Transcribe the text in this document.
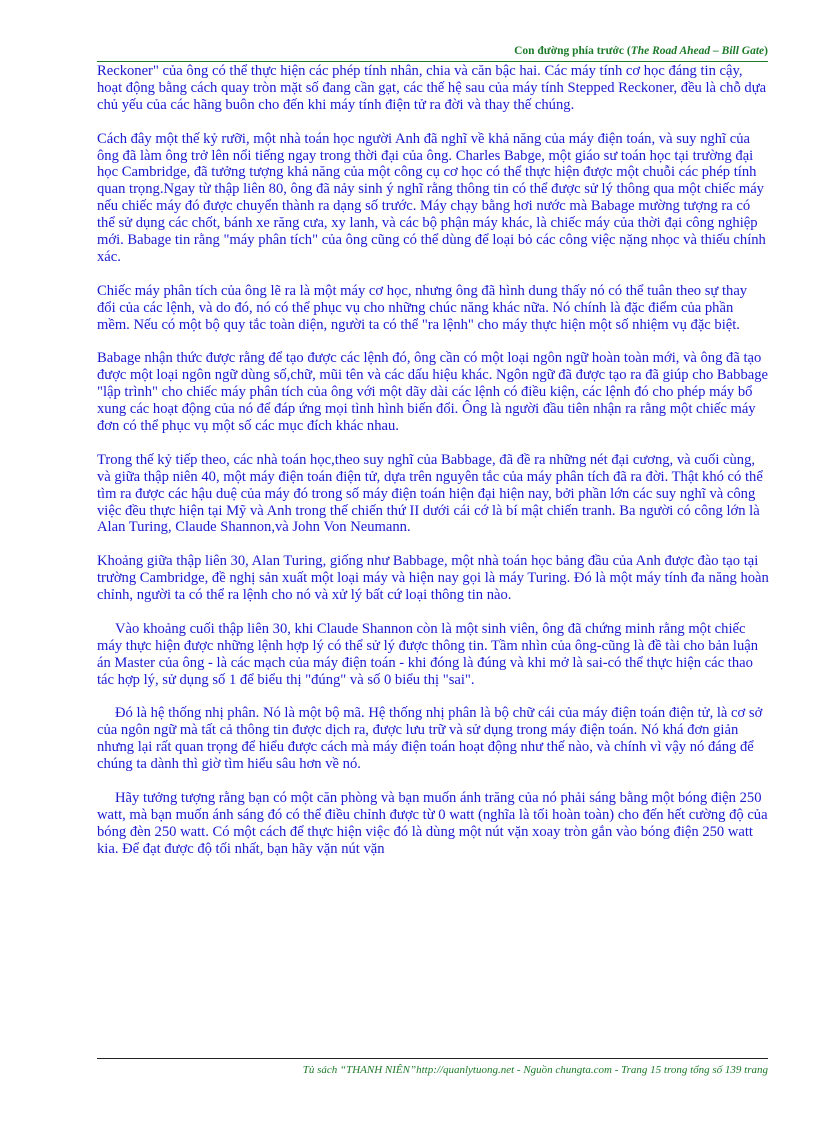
Con đường phía trước (The Road Ahead – Bill Gate)

Reckoner" của ông có thể thực hiện các phép tính nhân, chia và căn bậc hai. Các máy tính cơ học đáng tin cậy, hoạt động bằng cách quay tròn mặt số đang cần gạt, các thế hệ sau của máy tính Stepped Reckoner, đều là chỗ dựa chủ yếu của các hãng buôn cho đến khi máy tính điện tử ra đời và thay thế chúng.

Cách đây một thế kỷ rưỡi, một nhà toán học người Anh đã nghĩ về khả năng của máy điện toán, và suy nghĩ của ông đã làm ông trở lên nổi tiếng ngay trong thời đại của ông. Charles Babge, một giáo sư toán học tại trường đại học Cambridge, đã tưởng tượng khả năng của một công cụ cơ học có thể thực hiện được một chuỗi các phép tính quan trọng.Ngay từ thập liên 80, ông đã nảy sinh ý nghĩ rằng thông tin có thể được sử lý thông qua một chiếc máy nếu chiếc máy đó được chuyển thành ra dạng số trước. Máy chạy bằng hơi nước mà Babage mường tượng ra có thể sử dụng các chốt, bánh xe răng cưa, xy lanh, và các bộ phận máy khác, là chiếc máy của thời đại công nghiệp mới. Babage tin rằng "máy phân tích" của ông cũng có thể dùng để loại bỏ các công việc nặng nhọc và thiếu chính xác.

Chiếc máy phân tích của ông lẽ ra là một máy cơ học, nhưng ông đã hình dung thấy nó có thể tuân theo sự thay đổi của các lệnh, và do đó, nó có thể phục vụ cho những chúc năng khác nữa. Nó chính là đặc điểm của phần mềm. Nếu có một bộ quy tắc toàn diện, người ta có thể "ra lệnh" cho máy thực hiện một số nhiệm vụ đặc biệt.

Babage nhận thức được rằng để tạo được các lệnh đó, ông cần có một loại ngôn ngữ hoàn toàn mới, và ông đã tạo được một loại ngôn ngữ dùng số,chữ, mũi tên và các dấu hiệu khác. Ngôn ngữ đã được tạo ra đã giúp cho Babbage "lập trình" cho chiếc máy phân tích của ông với một dãy dài các lệnh có điều kiện, các lệnh đó cho phép máy bổ xung các hoạt động của nó để đáp ứng mọi tình hình biến đổi. Ông là người đầu tiên nhận ra rằng một chiếc máy đơn có thể phục vụ một số các mục đích khác nhau.

Trong thế kỷ tiếp theo, các nhà toán học,theo suy nghĩ của Babbage, đã đề ra những nét đại cương, và cuối cùng, và giữa thập niên 40, một máy điện toán điện tử, dựa trên nguyên tắc của máy phân tích đã ra đời. Thật khó có thể tìm ra được các hậu duệ của máy đó trong số máy điện toán hiện đại hiện nay, bởi phần lớn các suy nghĩ và công việc đều thực hiện tại Mỹ và Anh trong thế chiến thứ II dưới cái cớ là bí mật chiến tranh. Ba người có công lớn là Alan Turing, Claude Shannon,và John Von Neumann.

Khoảng giữa thập liên 30, Alan Turing, giống như Babbage, một nhà toán học bảng đầu của Anh được đào tạo tại trường Cambridge, đề nghị sản xuất một loại máy và hiện nay gọi là máy Turing. Đó là một máy tính đa năng hoàn chỉnh, người ta có thể ra lệnh cho nó và xử lý bất cứ loại thông tin nào.

Vào khoảng cuối thập liên 30, khi Claude Shannon còn là một sinh viên, ông đã chứng minh rằng một chiếc máy thực hiện được những lệnh hợp lý có thể sử lý được thông tin. Tầm nhìn của ông-cũng là đề tài cho bản luận án Master của ông - là các mạch của máy điện toán - khi đóng là đúng và khi mở là sai-có thể thực hiện các thao tác hợp lý, sử dụng số 1 để biểu thị "đúng" và số 0 biểu thị "sai".

Đó là hệ thống nhị phân. Nó là một bộ mã. Hệ thống nhị phân là bộ chữ cái của máy điện toán điện tử, là cơ sở của ngôn ngữ mà tất cả thông tin được dịch ra, được lưu trữ và sử dụng trong máy điện toán. Nó khá đơn giản nhưng lại rất quan trọng để hiểu được cách mà máy điện toán hoạt động như thế nào, và chính vì vậy nó đáng để chúng ta dành thì giờ tìm hiểu sâu hơn về nó.

Hãy tưởng tượng rằng bạn có một căn phòng và bạn muốn ánh trăng của nó phải sáng bằng một bóng điện 250 watt, mà bạn muốn ánh sáng đó có thể điều chỉnh được từ 0 watt (nghĩa là tối hoàn toàn) cho đến hết cường độ của bóng đèn 250 watt. Có một cách để thực hiện việc đó là dùng một nút vặn xoay tròn gắn vào bóng điện 250 watt kia. Để đạt được độ tối nhất, bạn hãy vặn nút vặn

Tủ sách “THANH NIÊN”http://quanlytuong.net - Nguồn chungta.com - Trang 15 trong tổng số 139 trang
